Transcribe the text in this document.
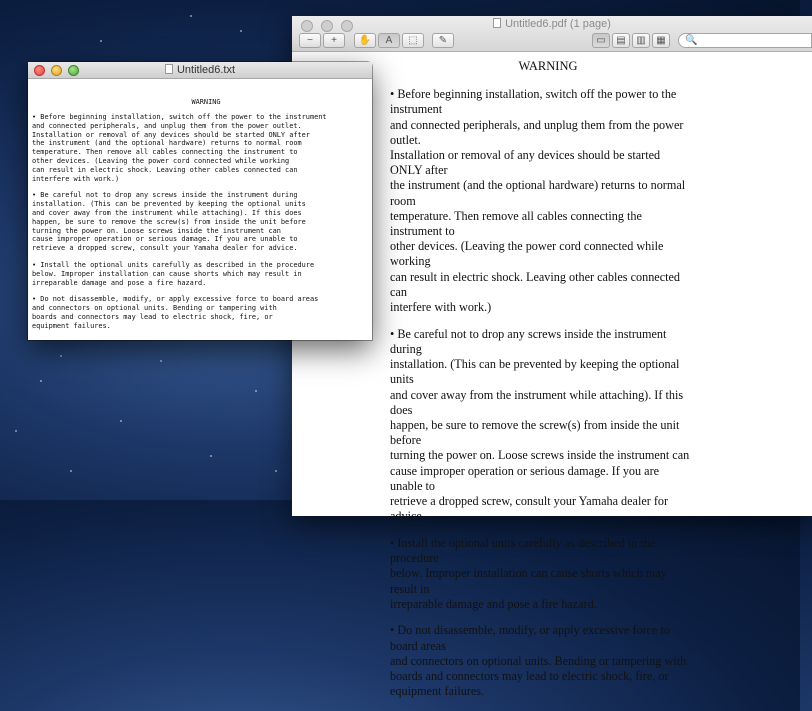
Untitled6.pdf (1 page)
−	+	✋	A	⬚	✎	▭	▤	▥	▦	🔍
WARNING
• Before beginning installation, switch off the power to the instrument
and connected peripherals, and unplug them from the power outlet.
Installation or removal of any devices should be started ONLY after
the instrument (and the optional hardware) returns to normal room
temperature. Then remove all cables connecting the instrument to
other devices. (Leaving the power cord connected while working
can result in electric shock. Leaving other cables connected can
interfere with work.)
• Be careful not to drop any screws inside the instrument during
installation. (This can be prevented by keeping the optional units
and cover away from the instrument while attaching). If this does
happen, be sure to remove the screw(s) from inside the unit before
turning the power on. Loose screws inside the instrument can
cause improper operation or serious damage. If you are unable to
retrieve a dropped screw, consult your Yamaha dealer for advice.
• Install the optional units carefully as described in the procedure
below. Improper installation can cause shorts which may result in
irreparable damage and pose a fire hazard.
• Do not disassemble, modify, or apply excessive force to board areas
and connectors on optional units. Bending or tampering with
boards and connectors may lead to electric shock, fire, or
equipment failures.
Untitled6.txt
WARNING
• Before beginning installation, switch off the power to the instrument
and connected peripherals, and unplug them from the power outlet.
Installation or removal of any devices should be started ONLY after
the instrument (and the optional hardware) returns to normal room
temperature. Then remove all cables connecting the instrument to
other devices. (Leaving the power cord connected while working
can result in electric shock. Leaving other cables connected can
interfere with work.)
• Be careful not to drop any screws inside the instrument during
installation. (This can be prevented by keeping the optional units
and cover away from the instrument while attaching). If this does
happen, be sure to remove the screw(s) from inside the unit before
turning the power on. Loose screws inside the instrument can
cause improper operation or serious damage. If you are unable to
retrieve a dropped screw, consult your Yamaha dealer for advice.
• Install the optional units carefully as described in the procedure
below. Improper installation can cause shorts which may result in
irreparable damage and pose a fire hazard.
• Do not disassemble, modify, or apply excessive force to board areas
and connectors on optional units. Bending or tampering with
boards and connectors may lead to electric shock, fire, or
equipment failures.
